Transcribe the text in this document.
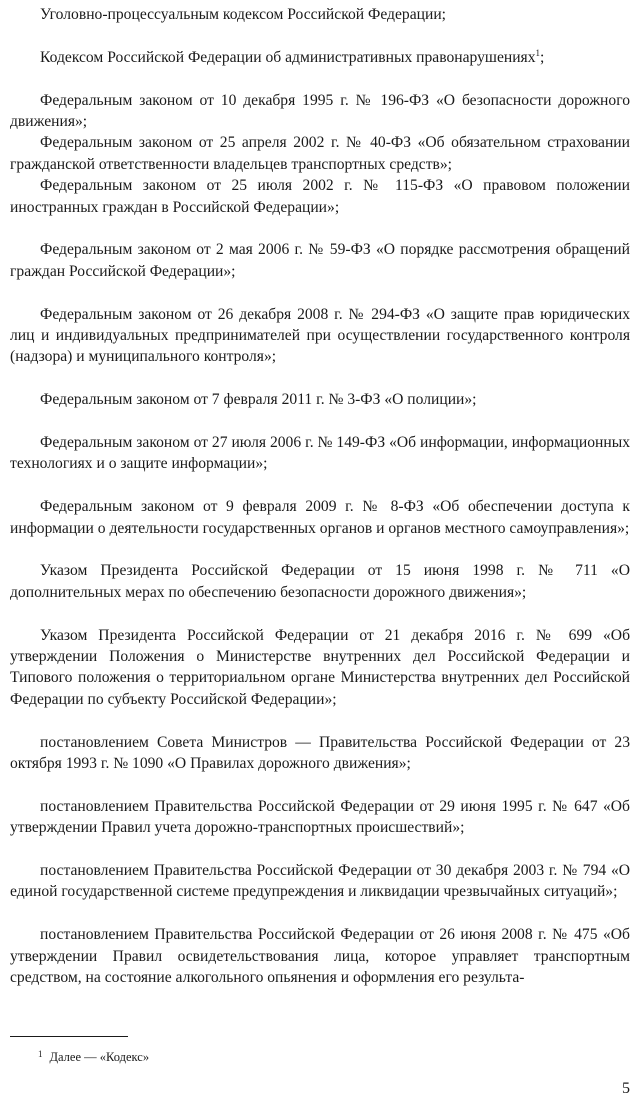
Уголовно-процессуальным кодексом Российской Федерации;

Кодексом Российской Федерации об административных правонарушениях$^1$;

Федеральным законом от 10 декабря 1995 г. № 196-ФЗ «О безопасности дорожного движения»;

Федеральным законом от 25 апреля 2002 г. № 40-ФЗ «Об обязательном страховании гражданской ответственности владельцев транспортных средств»;

Федеральным законом от 25 июля 2002 г. № 115-ФЗ «О правовом положении иностранных граждан в Российской Федерации»;

Федеральным законом от 2 мая 2006 г. № 59-ФЗ «О порядке рассмотрения обращений граждан Российской Федерации»;

Федеральным законом от 26 декабря 2008 г. № 294-ФЗ «О защите прав юридических лиц и индивидуальных предпринимателей при осуществлении государственного контроля (надзора) и муниципального контроля»;

Федеральным законом от 7 февраля 2011 г. № 3-ФЗ «О полиции»;

Федеральным законом от 27 июля 2006 г. № 149-ФЗ «Об информации, информационных технологиях и о защите информации»;

Федеральным законом от 9 февраля 2009 г. № 8-ФЗ «Об обеспечении доступа к информации о деятельности государственных органов и органов местного самоуправления»;

Указом Президента Российской Федерации от 15 июня 1998 г. № 711 «О дополнительных мерах по обеспечению безопасности дорожного движения»;

Указом Президента Российской Федерации от 21 декабря 2016 г. № 699 «Об утверждении Положения о Министерстве внутренних дел Российской Федерации и Типового положения о территориальном органе Министерства внутренних дел Российской Федерации по субъекту Российской Федерации»;

постановлением Совета Министров — Правительства Российской Федерации от 23 октября 1993 г. № 1090 «О Правилах дорожного движения»;

постановлением Правительства Российской Федерации от 29 июня 1995 г. № 647 «Об утверждении Правил учета дорожно-транспортных происшествий»;

постановлением Правительства Российской Федерации от 30 декабря 2003 г. № 794 «О единой государственной системе предупреждения и ликвидации чрезвычайных ситуаций»;

постановлением Правительства Российской Федерации от 26 июня 2008 г. № 475 «Об утверждении Правил освидетельствования лица, которое управляет транспортным средством, на состояние алкогольного опьянения и оформления его результа-

$^1$ Далее — «Кодекс»
5
